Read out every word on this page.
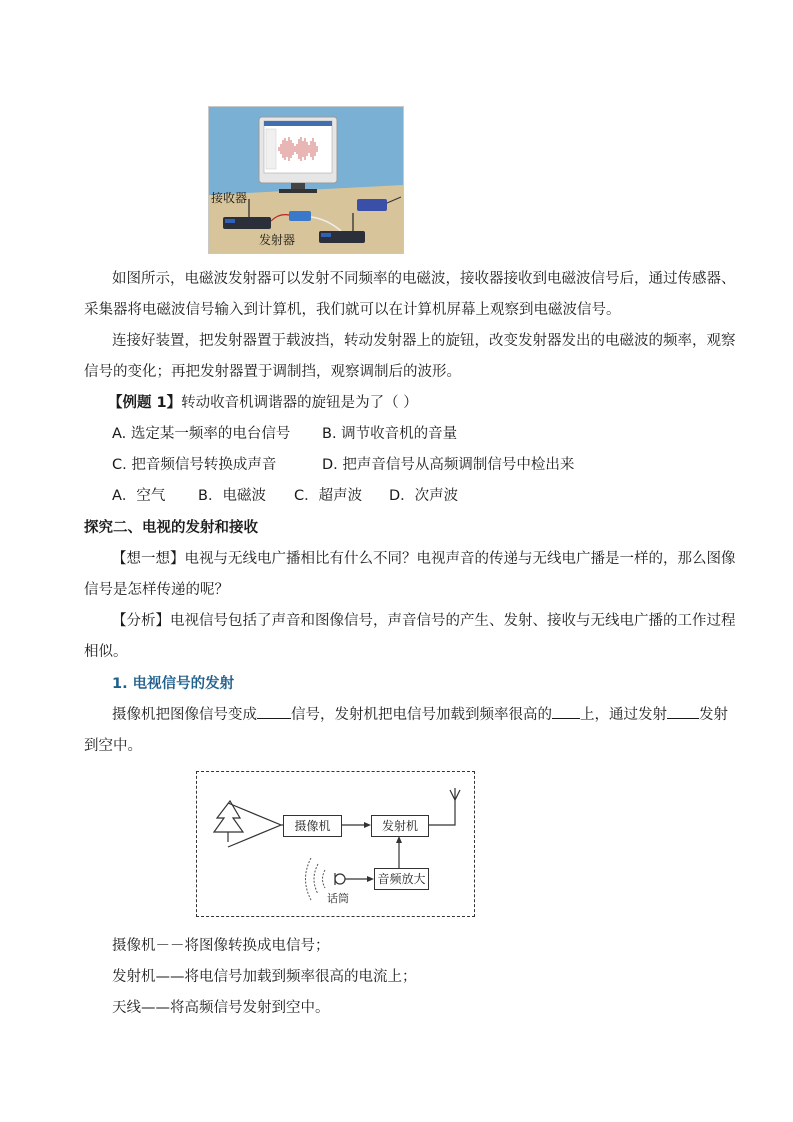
接收器
发射器
如图所示，电磁波发射器可以发射不同频率的电磁波，接收器接收到电磁波信号后，通过传感器、
采集器将电磁波信号输入到计算机，我们就可以在计算机屏幕上观察到电磁波信号。
连接好装置，把发射器置于载波挡，转动发射器上的旋钮，改变发射器发出的电磁波的频率，观察
信号的变化；再把发射器置于调制挡，观察调制后的波形。
【例题 1】转动收音机调谐器的旋钮是为了（ ）
A. 选定某一频率的电台信号 B. 调节收音机的音量
C. 把音频信号转换成声音	D. 把声音信号从高频调制信号中检出来
A．空气 B．电磁波 C．超声波 D．次声波
探究二、电视的发射和接收
【想一想】电视与无线电广播相比有什么不同？电视声音的传递与无线电广播是一样的，那么图像
信号是怎样传递的呢？
【分析】电视信号包括了声音和图像信号，声音信号的产生、发射、接收与无线电广播的工作过程
相似。
1. 电视信号的发射
摄像机把图像信号变成 信号，发射机把电信号加载到频率很高的 上，通过发射 发射
到空中。
摄像机	发射机
音频放大
话筒
摄像机－－将图像转换成电信号；
发射机——将电信号加载到频率很高的电流上；
天线——将高频信号发射到空中。
